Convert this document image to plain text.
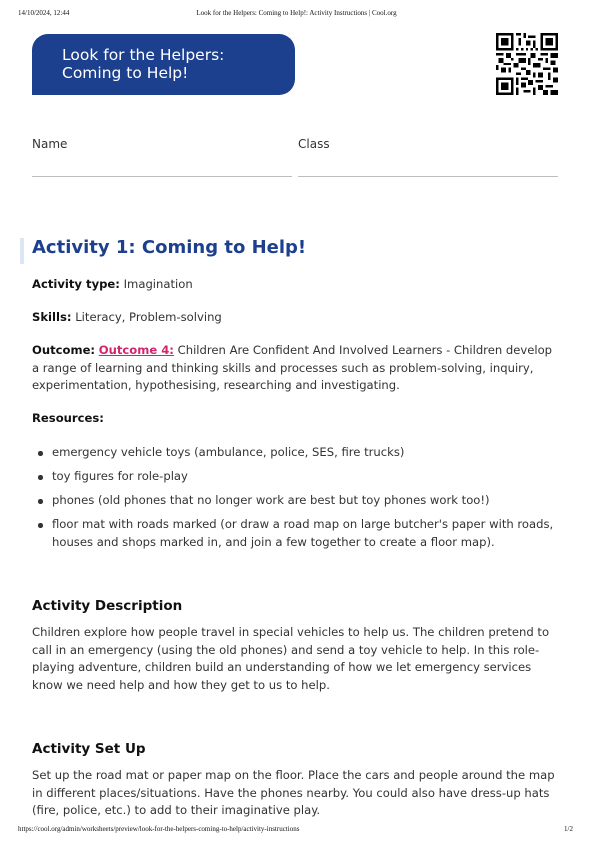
14/10/2024, 12:44	Look for the Helpers: Coming to Help!: Activity Instructions | Cool.org
Look for the Helpers:
Coming to Help!
Name	Class
Activity 1: Coming to Help!

Activity type: Imagination

Skills: Literacy, Problem-solving

Outcome: Outcome 4: Children Are Confident And Involved Learners - Children develop a range of learning and thinking skills and processes such as problem-solving, inquiry, experimentation, hypothesising, researching and investigating.

Resources:

emergency vehicle toys (ambulance, police, SES, fire trucks)
toy figures for role-play
phones (old phones that no longer work are best but toy phones work too!)
floor mat with roads marked (or draw a road map on large butcher's paper with roads, houses and shops marked in, and join a few together to create a floor map).
Activity Description

Children explore how people travel in special vehicles to help us. The children pretend to call in an emergency (using the old phones) and send a toy vehicle to help. In this role-playing adventure, children build an understanding of how we let emergency services know we need help and how they get to us to help.

Activity Set Up

Set up the road mat or paper map on the floor. Place the cars and people around the map in different places/situations. Have the phones nearby. You could also have dress-up hats (fire, police, etc.) to add to their imaginative play.

https://cool.org/admin/worksheets/preview/look-for-the-helpers-coming-to-help/activity-instructions	1/2
